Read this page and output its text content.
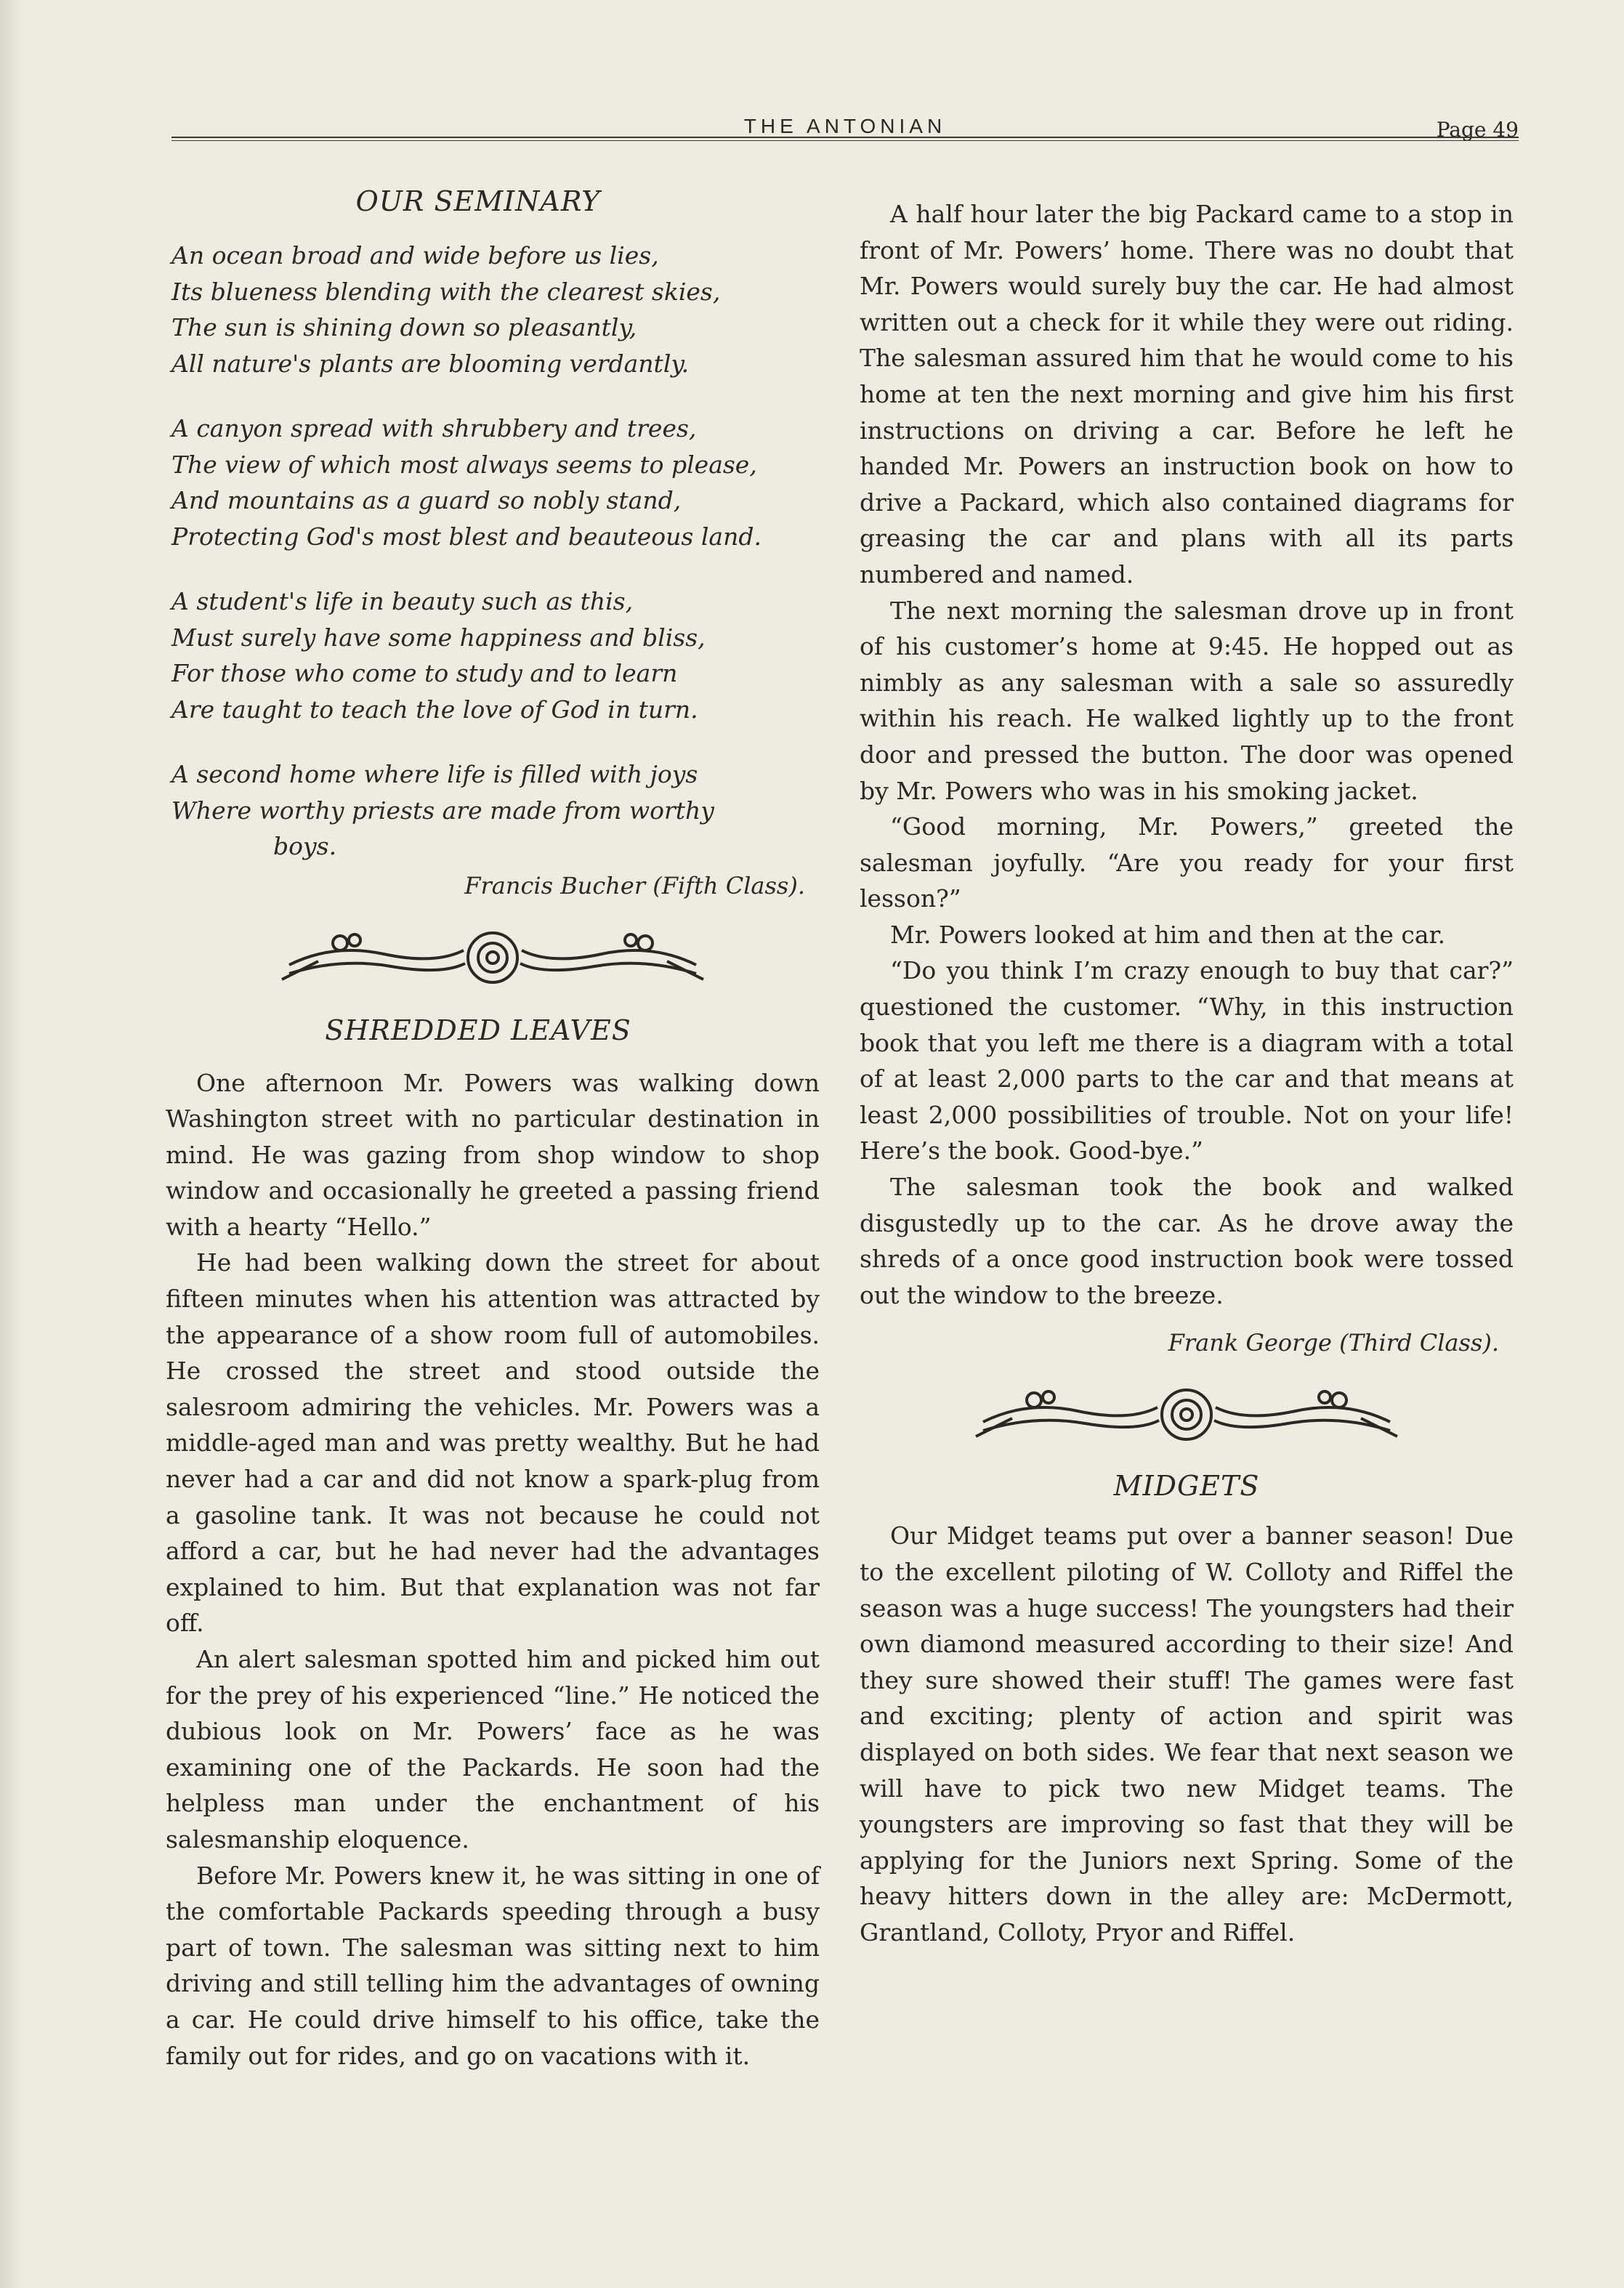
THE ANTONIAN	Page 49
OUR SEMINARY
An ocean broad and wide before us lies,
Its blueness blending with the clearest skies,
The sun is shining down so pleasantly,
All nature's plants are blooming verdantly.
A canyon spread with shrubbery and trees,
The view of which most always seems to please,
And mountains as a guard so nobly stand,
Protecting God's most blest and beauteous land.
A student's life in beauty such as this,
Must surely have some happiness and bliss,
For those who come to study and to learn
Are taught to teach the love of God in turn.
A second home where life is filled with joys
Where worthy priests are made from worthy
boys.
Francis Bucher (Fifth Class).
SHREDDED LEAVES

One afternoon Mr. Powers was walking down Washington street with no particular destination in mind. He was gazing from shop window to shop window and occasionally he greeted a passing friend with a hearty “Hello.”

He had been walking down the street for about fifteen minutes when his attention was attracted by the appearance of a show room full of automobiles. He crossed the street and stood outside the salesroom admiring the vehicles. Mr. Powers was a middle-aged man and was pretty wealthy. But he had never had a car and did not know a spark-plug from a gasoline tank. It was not because he could not afford a car, but he had never had the advantages explained to him. But that explanation was not far off.

An alert salesman spotted him and picked him out for the prey of his experienced “line.” He noticed the dubious look on Mr. Powers’ face as he was examining one of the Packards. He soon had the helpless man under the enchantment of his salesmanship eloquence.

Before Mr. Powers knew it, he was sitting in one of the comfortable Packards speeding through a busy part of town. The salesman was sitting next to him driving and still telling him the advantages of owning a car. He could drive himself to his office, take the family out for rides, and go on vacations with it.

A half hour later the big Packard came to a stop in front of Mr. Powers’ home. There was no doubt that Mr. Powers would surely buy the car. He had almost written out a check for it while they were out riding. The salesman assured him that he would come to his home at ten the next morning and give him his first instructions on driving a car. Before he left he handed Mr. Powers an instruction book on how to drive a Packard, which also contained diagrams for greasing the car and plans with all its parts numbered and named.

The next morning the salesman drove up in front of his customer’s home at 9:45. He hopped out as nimbly as any salesman with a sale so assuredly within his reach. He walked lightly up to the front door and pressed the button. The door was opened by Mr. Powers who was in his smoking jacket.

“Good morning, Mr. Powers,” greeted the salesman joyfully. “Are you ready for your first lesson?”

Mr. Powers looked at him and then at the car.

“Do you think I’m crazy enough to buy that car?” questioned the customer. “Why, in this instruction book that you left me there is a diagram with a total of at least 2,000 parts to the car and that means at least 2,000 possibilities of trouble. Not on your life! Here’s the book. Good-bye.”

The salesman took the book and walked disgustedly up to the car. As he drove away the shreds of a once good instruction book were tossed out the window to the breeze.

Frank George (Third Class).
MIDGETS

Our Midget teams put over a banner season! Due to the excellent piloting of W. Colloty and Riffel the season was a huge success! The youngsters had their own diamond measured according to their size! And they sure showed their stuff! The games were fast and exciting; plenty of action and spirit was displayed on both sides. We fear that next season we will have to pick two new Midget teams. The youngsters are improving so fast that they will be applying for the Juniors next Spring. Some of the heavy hitters down in the alley are: McDermott, Grantland, Colloty, Pryor and Riffel.
